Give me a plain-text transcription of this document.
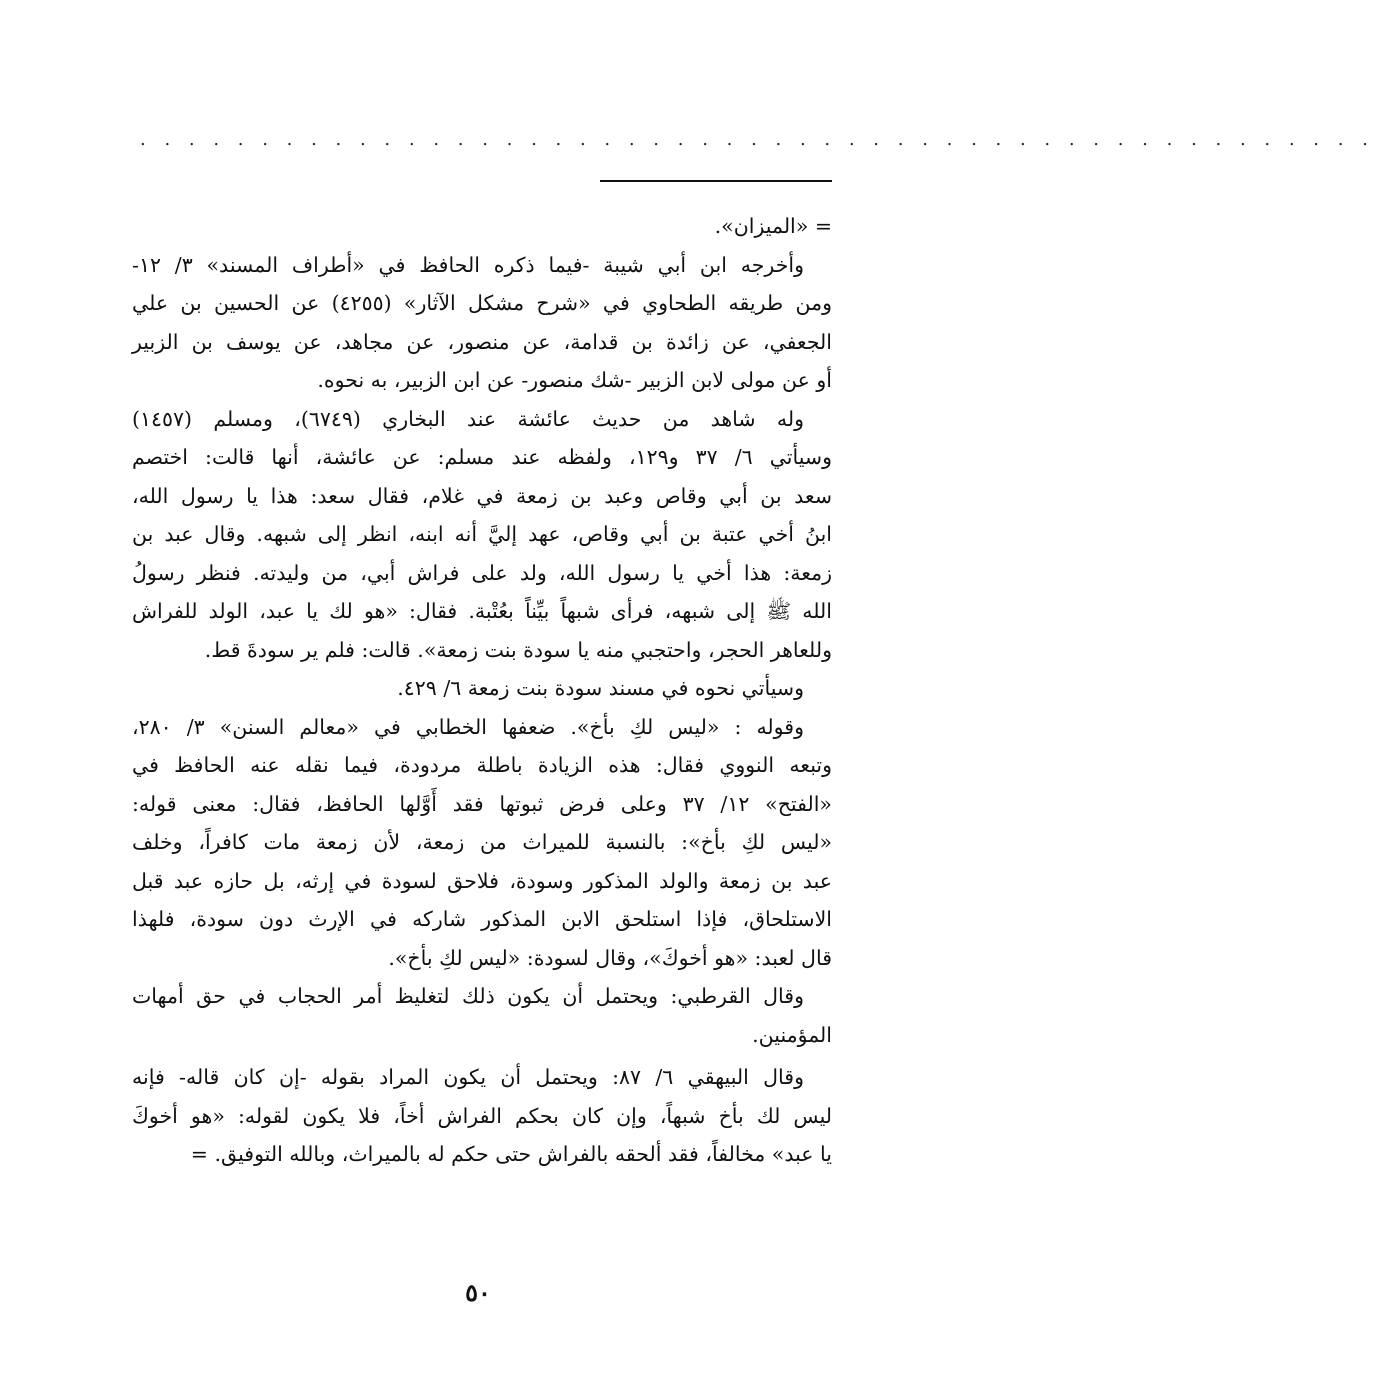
. . . . . . . . . . . . . . . . . . . . . . . . . . . . . . . . . . . . . . . . . . . . . . . . . . .
= «الميزان».
وأخرجه ابن أبي شيبة -فيما ذكره الحافظ في «أطراف المسند» ٣/ ١٢-
ومن طريقه الطحاوي في «شرح مشكل الآثار» (٤٢٥٥) عن الحسين بن علي
الجعفي، عن زائدة بن قدامة، عن منصور، عن مجاهد، عن يوسف بن الزبير
أو عن مولى لابن الزبير -شك منصور- عن ابن الزبير، به نحوه.
وله شاهد من حديث عائشة عند البخاري (٦٧٤٩)، ومسلم (١٤٥٧)
وسيأتي ٦/ ٣٧ و١٢٩، ولفظه عند مسلم: عن عائشة، أنها قالت: اختصم
سعد بن أبي وقاص وعبد بن زمعة في غلام، فقال سعد: هذا يا رسول الله،
ابنُ أخي عتبة بن أبي وقاص، عهد إليَّ أنه ابنه، انظر إلى شبهه. وقال عبد بن
زمعة: هذا أخي يا رسول الله، ولد على فراش أبي، من وليدته. فنظر رسولُ
الله ﷺ إلى شبهه، فرأى شبهاً بيِّناً بعُتْبة. فقال: «هو لك يا عبد، الولد للفراش
وللعاهر الحجر، واحتجبي منه يا سودة بنت زمعة». قالت: فلم ير سودةَ قط.
وسيأتي نحوه في مسند سودة بنت زمعة ٦/ ٤٢٩.
وقوله : «ليس لكِ بأخ». ضعفها الخطابي في «معالم السنن» ٣/ ٢٨٠،
وتبعه النووي فقال: هذه الزيادة باطلة مردودة، فيما نقله عنه الحافظ في
«الفتح» ١٢/ ٣٧ وعلى فرض ثبوتها فقد أَوَّلها الحافظ، فقال: معنى قوله:
«ليس لكِ بأخ»: بالنسبة للميراث من زمعة، لأن زمعة مات كافراً، وخلف
عبد بن زمعة والولد المذكور وسودة، فلاحق لسودة في إرثه، بل حازه عبد قبل
الاستلحاق، فإذا استلحق الابن المذكور شاركه في الإرث دون سودة، فلهذا
قال لعبد: «هو أخوكَ»، وقال لسودة: «ليس لكِ بأخ».
وقال القرطبي: ويحتمل أن يكون ذلك لتغليظ أمر الحجاب في حق أمهات
المؤمنين.
وقال البيهقي ٦/ ٨٧: ويحتمل أن يكون المراد بقوله -إن كان قاله- فإنه
ليس لك بأخ شبهاً، وإن كان بحكم الفراش أخاً، فلا يكون لقوله: «هو أخوكَ
يا عبد» مخالفاً، فقد ألحقه بالفراش حتى حكم له بالميراث، وبالله التوفيق. =
٥٠
